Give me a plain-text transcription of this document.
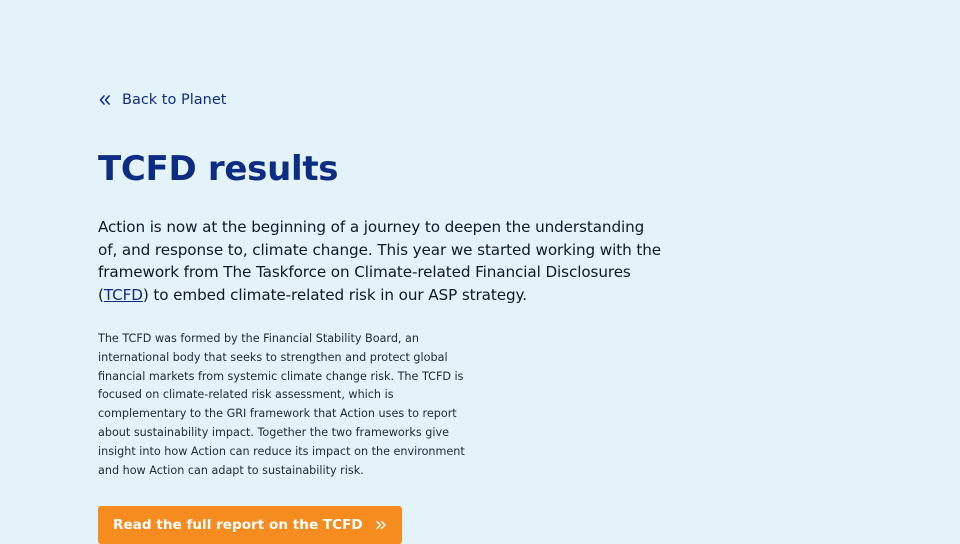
Back to Planet
TCFD results

Action is now at the beginning of a journey to deepen the understanding of, and response to, climate change. This year we started working with the framework from The Taskforce on Climate-related Financial Disclosures (TCFD) to embed climate-related risk in our ASP strategy.

The TCFD was formed by the Financial Stability Board, an international body that seeks to strengthen and protect global financial markets from systemic climate change risk. The TCFD is focused on climate-related risk assessment, which is complementary to the GRI framework that Action uses to report about sustainability impact. Together the two frameworks give insight into how Action can reduce its impact on the environment and how Action can adapt to sustainability risk.

Read the full report on the TCFD
